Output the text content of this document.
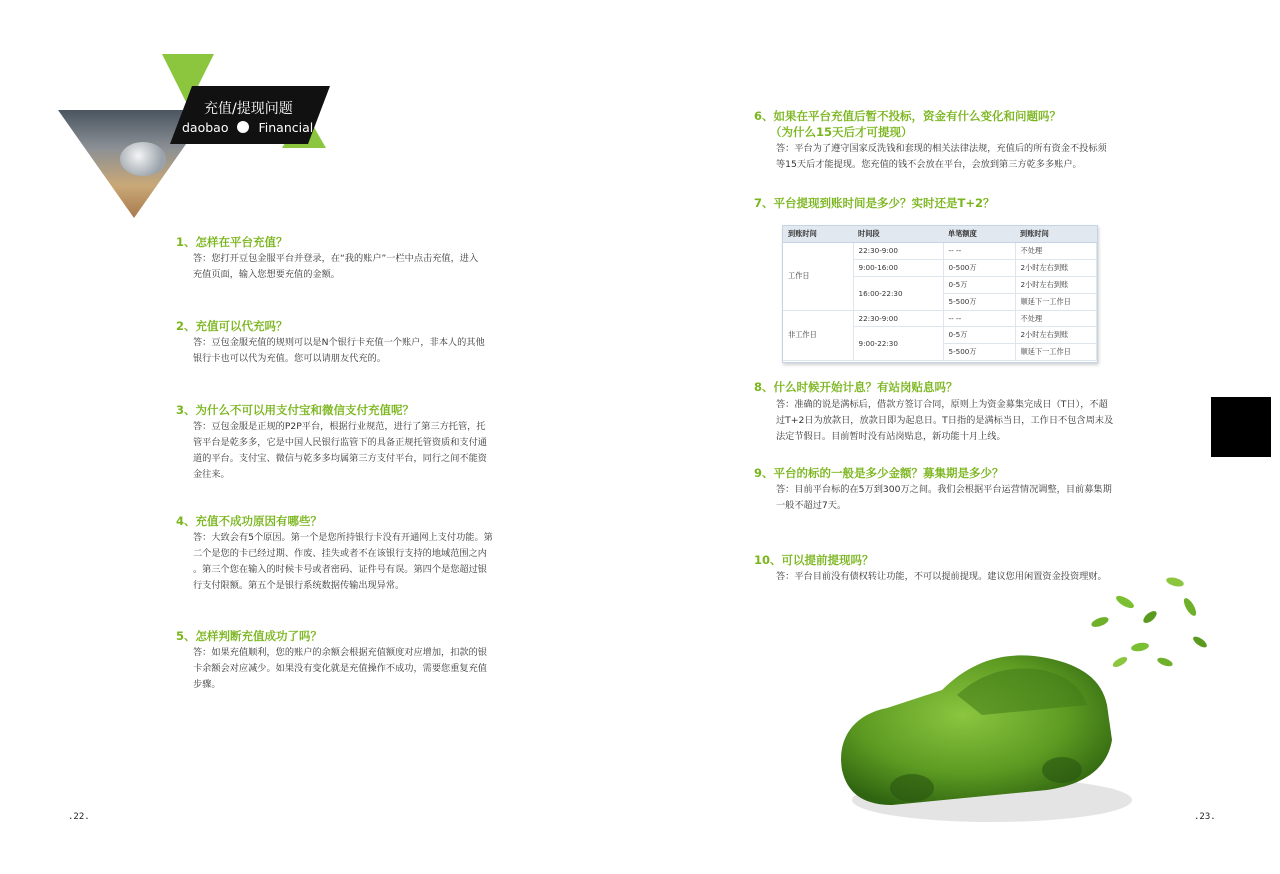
充值/提现问题
daobao Financial
1、怎样在平台充值？
答：您打开豆包金服平台并登录，在“我的账户”一栏中点击充值，进入
充值页面，输入您想要充值的金额。
2、充值可以代充吗？
答：豆包金服充值的规则可以是N个银行卡充值一个账户，非本人的其他
银行卡也可以代为充值。您可以请朋友代充的。
3、为什么不可以用支付宝和微信支付充值呢？
答：豆包金服是正规的P2P平台，根据行业规范，进行了第三方托管，托
管平台是乾多多，它是中国人民银行监管下的具备正规托管资质和支付通
道的平台。支付宝、微信与乾多多均属第三方支付平台，同行之间不能资
金往来。
4、充值不成功原因有哪些？
答：大致会有5个原因。第一个是您所持银行卡没有开通网上支付功能。第
二个是您的卡已经过期、作废、挂失或者不在该银行支持的地域范围之内
。第三个您在输入的时候卡号或者密码、证件号有误。第四个是您超过银
行支付限额。第五个是银行系统数据传输出现异常。
5、怎样判断充值成功了吗？
答：如果充值顺利，您的账户的余额会根据充值额度对应增加，扣款的银
卡余额会对应减少。如果没有变化就是充值操作不成功，需要您重复充值
步骤。
6、如果在平台充值后暂不投标，资金有什么变化和问题吗？
（为什么15天后才可提现）
答：平台为了遵守国家反洗钱和套现的相关法律法规，充值后的所有资金不投标须
等15天后才能提现。您充值的钱不会放在平台，会放到第三方乾多多账户。
7、平台提现到账时间是多少？实时还是T+2？
到账时间	时间段	单笔额度	到账时间
工作日	22:30-9:00	-- --	不处理
	9:00-16:00	0-500万	2小时左右到账
	16:00-22:30	0-5万	2小时左右到账
		5-500万	顺延下一工作日
非工作日	22:30-9:00	-- --	不处理
	9:00-22:30	0-5万	2小时左右到账
		5-500万	顺延下一工作日
8、什么时候开始计息？有站岗贴息吗？
答：准确的说是满标后，借款方签订合同，原则上为资金募集完成日（T日），不超
过T+2日为放款日，放款日即为起息日。T日指的是满标当日，工作日不包含周末及
法定节假日。目前暂时没有站岗贴息，新功能十月上线。
9、平台的标的一般是多少金额？募集期是多少？
答：目前平台标的在5万到300万之间。我们会根据平台运营情况调整，目前募集期
一般不超过7天。
10、可以提前提现吗？
答：平台目前没有债权转让功能，不可以提前提现。建议您用闲置资金投资理财。
.22.	.23.
